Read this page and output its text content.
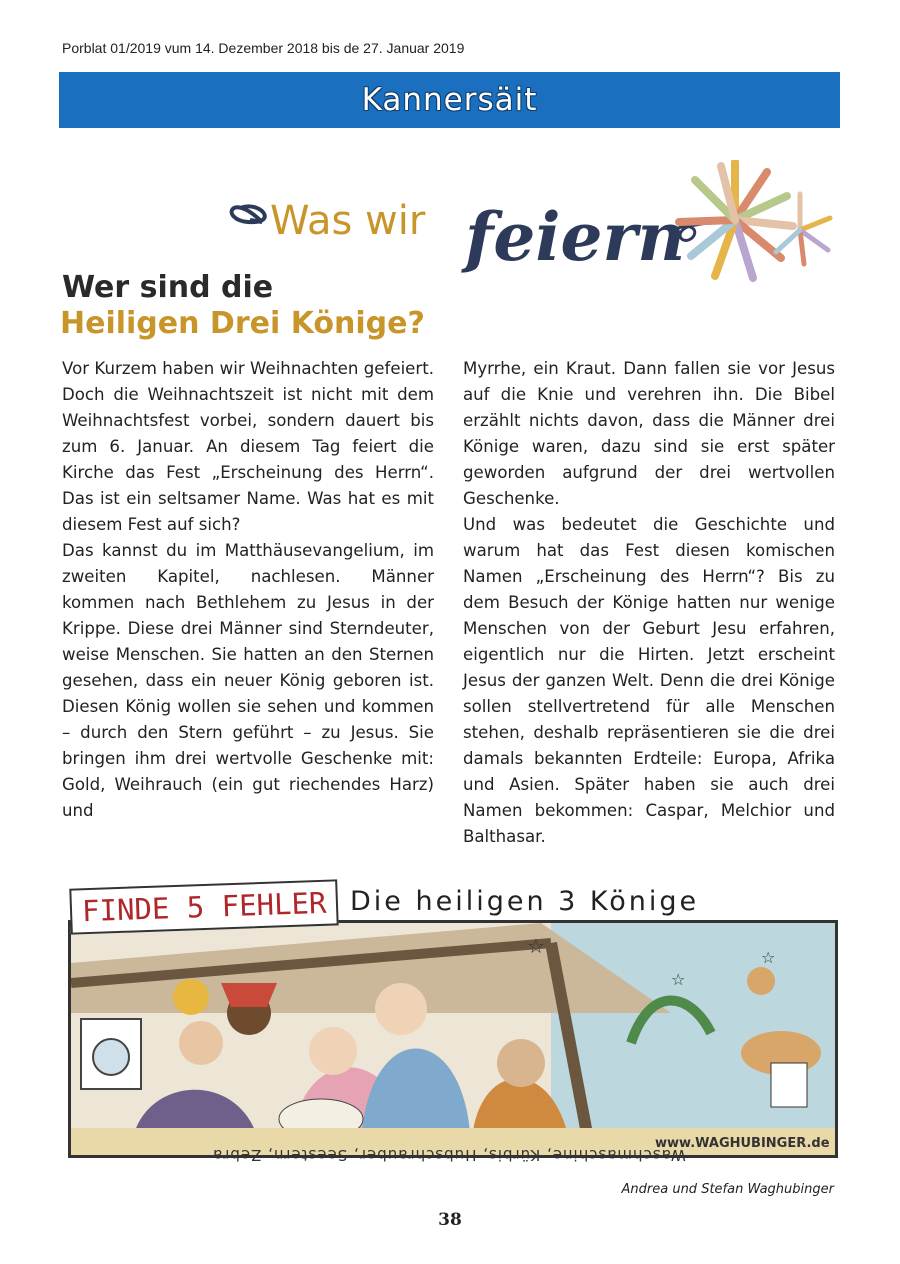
Porblat 01/2019 vum 14. Dezember 2018 bis de 27. Januar 2019
Kannersäit
Was wir feiern
Wer sind die
Heiligen Drei Könige?

Vor Kurzem haben wir Weihnachten gefeiert. Doch die Weihnachtszeit ist nicht mit dem Weihnachtsfest vorbei, sondern dauert bis zum 6. Januar. An diesem Tag feiert die Kirche das Fest „Erscheinung des Herrn“. Das ist ein seltsamer Name. Was hat es mit diesem Fest auf sich?

Das kannst du im Matthäusevangelium, im zweiten Kapitel, nachlesen. Männer kommen nach Bethlehem zu Jesus in der Krippe. Diese drei Männer sind Sterndeuter, weise Menschen. Sie hatten an den Sternen gesehen, dass ein neuer König geboren ist. Diesen König wollen sie sehen und kommen – durch den Stern geführt – zu Jesus. Sie bringen ihm drei wertvolle Geschenke mit: Gold, Weihrauch (ein gut riechendes Harz) und

Myrrhe, ein Kraut. Dann fallen sie vor Jesus auf die Knie und verehren ihn. Die Bibel erzählt nichts davon, dass die Männer drei Könige waren, dazu sind sie erst später geworden aufgrund der drei wertvollen Geschenke.

Und was bedeutet die Geschichte und warum hat das Fest diesen komischen Namen „Erscheinung des Herrn“? Bis zu dem Besuch der Könige hatten nur wenige Menschen von der Geburt Jesu erfahren, eigentlich nur die Hirten. Jetzt erscheint Jesus der ganzen Welt. Denn die drei Könige sollen stellvertretend für alle Menschen stehen, deshalb repräsentieren sie die drei damals bekannten Erdteile: Europa, Afrika und Asien. Später haben sie auch drei Namen bekommen: Caspar, Melchior und Balthasar.

www.WAGHUBINGER.de
☆
☆
☆
FINDE 5 FEHLER Die heiligen 3 Könige
Waschmaschine, Kürbis, Hubschrauber, Seestern, Zebra
Andrea und Stefan Waghubinger
38
